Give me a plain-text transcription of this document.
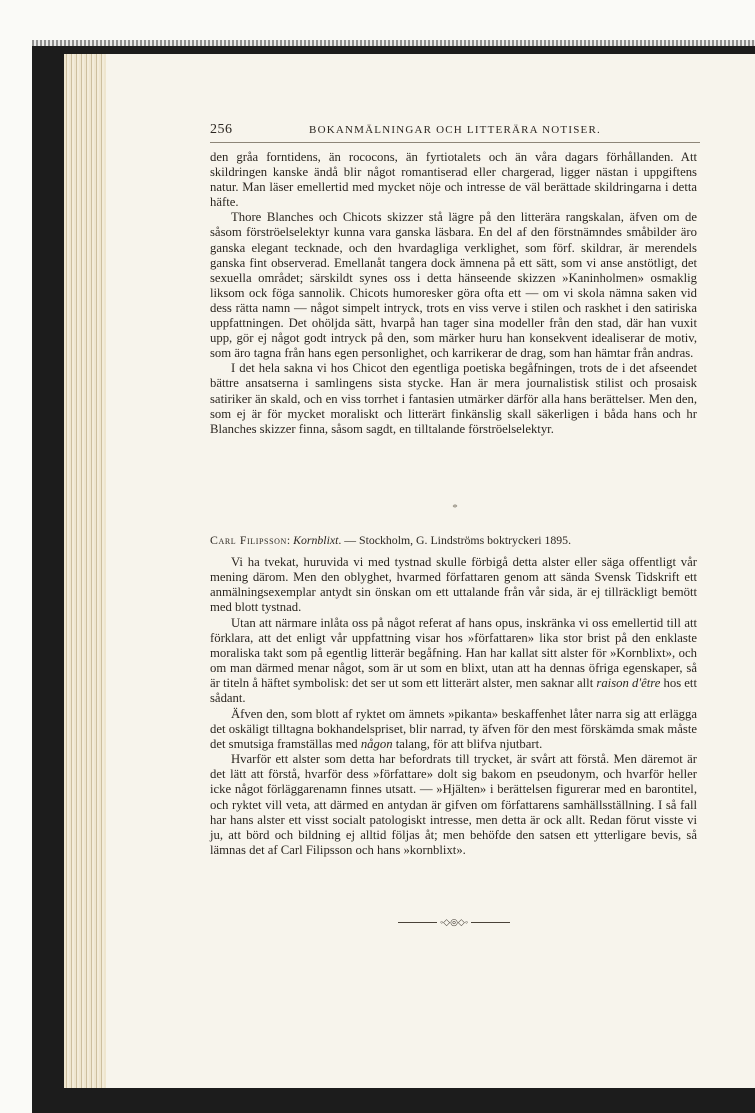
256	BOKANMÄLNINGAR OCH LITTERÄRA NOTISER.

den gråa forntidens, än rococons, än fyrtiotalets och än våra dagars förhållanden. Att skildringen kanske ändå blir något romantiserad eller chargerad, ligger nästan i uppgiftens natur. Man läser emellertid med mycket nöje och intresse de väl berättade skildringarna i detta häfte.

Thore Blanches och Chicots skizzer stå lägre på den litterära rangskalan, äfven om de såsom förströelselektyr kunna vara ganska läsbara. En del af den förstnämndes småbilder äro ganska elegant tecknade, och den hvardagliga verklighet, som förf. skildrar, är merendels ganska fint observerad. Emellanåt tangera dock ämnena på ett sätt, som vi anse anstötligt, det sexuella området; särskildt synes oss i detta hänseende skizzen »Kaninholmen» osmaklig liksom ock föga sannolik. Chicots humoresker göra ofta ett — om vi skola nämna saken vid dess rätta namn — något simpelt intryck, trots en viss verve i stilen och raskhet i den satiriska uppfattningen. Det ohöljda sätt, hvarpå han tager sina modeller från den stad, där han vuxit upp, gör ej något godt intryck på den, som märker huru han konsekvent idealiserar de motiv, som äro tagna från hans egen personlighet, och karrikerar de drag, som han hämtar från andras.

I det hela sakna vi hos Chicot den egentliga poetiska begåfningen, trots de i det afseendet bättre ansatserna i samlingens sista stycke. Han är mera journalistisk stilist och prosaisk satiriker än skald, och en viss torrhet i fantasien utmärker därför alla hans berättelser. Men den, som ej är för mycket moraliskt och litterärt finkänslig skall säkerligen i båda hans och hr Blanches skizzer finna, såsom sagdt, en tilltalande förströelselektyr.

*
Carl Filipsson: Kornblixt. — Stockholm, G. Lindströms boktryckeri 1895.

Vi ha tvekat, huruvida vi med tystnad skulle förbigå detta alster eller säga offentligt vår mening därom. Men den oblyghet, hvarmed författaren genom att sända Svensk Tidskrift ett anmälningsexemplar antydt sin önskan om ett uttalande från vår sida, är ej tillräckligt bemött med blott tystnad.

Utan att närmare inlåta oss på något referat af hans opus, inskränka vi oss emellertid till att förklara, att det enligt vår uppfattning visar hos »författaren» lika stor brist på den enklaste moraliska takt som på egentlig litterär begåfning. Han har kallat sitt alster för »Kornblixt», och om man därmed menar något, som är ut som en blixt, utan att ha dennas öfriga egenskaper, så är titeln å häftet symbolisk: det ser ut som ett litterärt alster, men saknar allt raison d'être hos ett sådant.

Äfven den, som blott af ryktet om ämnets »pikanta» beskaffenhet låter narra sig att erlägga det oskäligt tilltagna bokhandelspriset, blir narrad, ty äfven för den mest förskämda smak måste det smutsiga framställas med någon talang, för att blifva njutbart.

Hvarför ett alster som detta har befordrats till trycket, är svårt att förstå. Men däremot är det lätt att förstå, hvarför dess »författare» dolt sig bakom en pseudonym, och hvarför heller icke något förläggarenamn finnes utsatt. — »Hjälten» i berättelsen figurerar med en barontitel, och ryktet vill veta, att därmed en antydan är gifven om författarens samhällsställning. I så fall har hans alster ett visst socialt patologiskt intresse, men detta är ock allt. Redan förut visste vi ju, att börd och bildning ej alltid följas åt; men behöfde den satsen ett ytterligare bevis, så lämnas det af Carl Filipsson och hans »kornblixt».

◦◇◎◇◦
